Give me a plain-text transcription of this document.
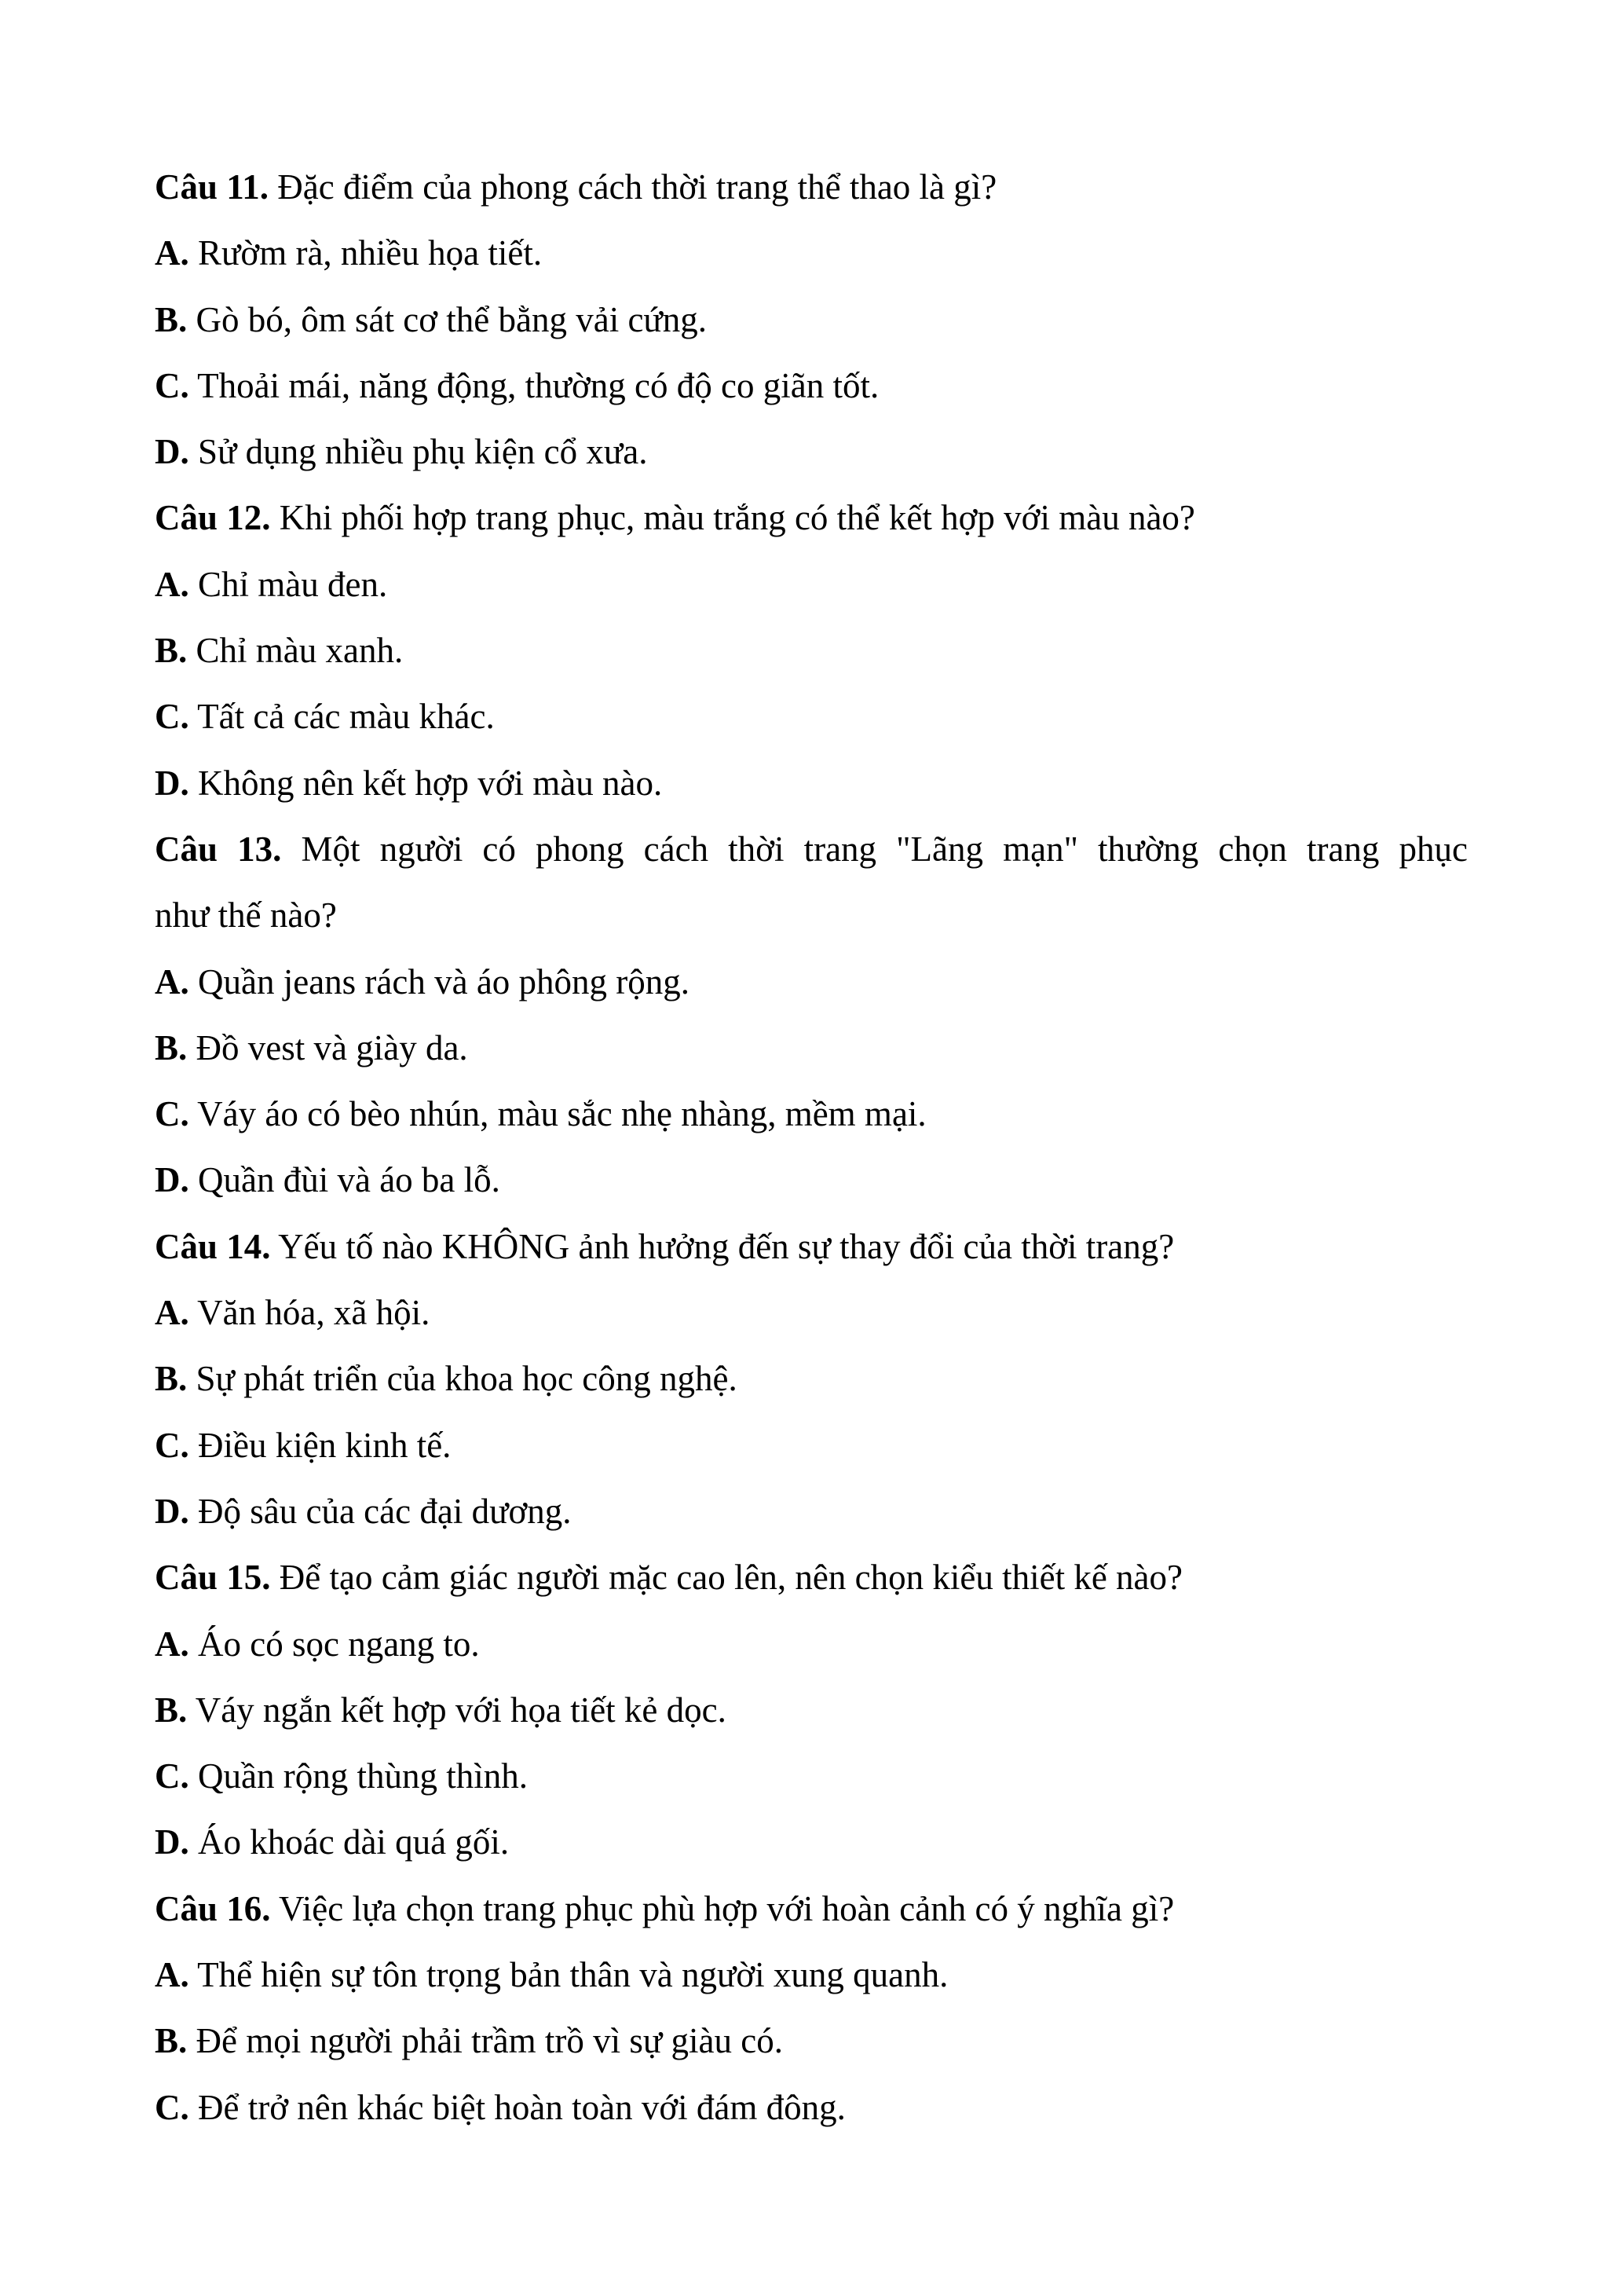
Câu 11. Đặc điểm của phong cách thời trang thể thao là gì?
A. Rườm rà, nhiều họa tiết.
B. Gò bó, ôm sát cơ thể bằng vải cứng.
C. Thoải mái, năng động, thường có độ co giãn tốt.
D. Sử dụng nhiều phụ kiện cổ xưa.
Câu 12. Khi phối hợp trang phục, màu trắng có thể kết hợp với màu nào?
A. Chỉ màu đen.
B. Chỉ màu xanh.
C. Tất cả các màu khác.
D. Không nên kết hợp với màu nào.
Câu 13. Một người có phong cách thời trang "Lãng mạn" thường chọn trang phục
như thế nào?
A. Quần jeans rách và áo phông rộng.
B. Đồ vest và giày da.
C. Váy áo có bèo nhún, màu sắc nhẹ nhàng, mềm mại.
D. Quần đùi và áo ba lỗ.
Câu 14. Yếu tố nào KHÔNG ảnh hưởng đến sự thay đổi của thời trang?
A. Văn hóa, xã hội.
B. Sự phát triển của khoa học công nghệ.
C. Điều kiện kinh tế.
D. Độ sâu của các đại dương.
Câu 15. Để tạo cảm giác người mặc cao lên, nên chọn kiểu thiết kế nào?
A. Áo có sọc ngang to.
B. Váy ngắn kết hợp với họa tiết kẻ dọc.
C. Quần rộng thùng thình.
D. Áo khoác dài quá gối.
Câu 16. Việc lựa chọn trang phục phù hợp với hoàn cảnh có ý nghĩa gì?
A. Thể hiện sự tôn trọng bản thân và người xung quanh.
B. Để mọi người phải trầm trồ vì sự giàu có.
C. Để trở nên khác biệt hoàn toàn với đám đông.
